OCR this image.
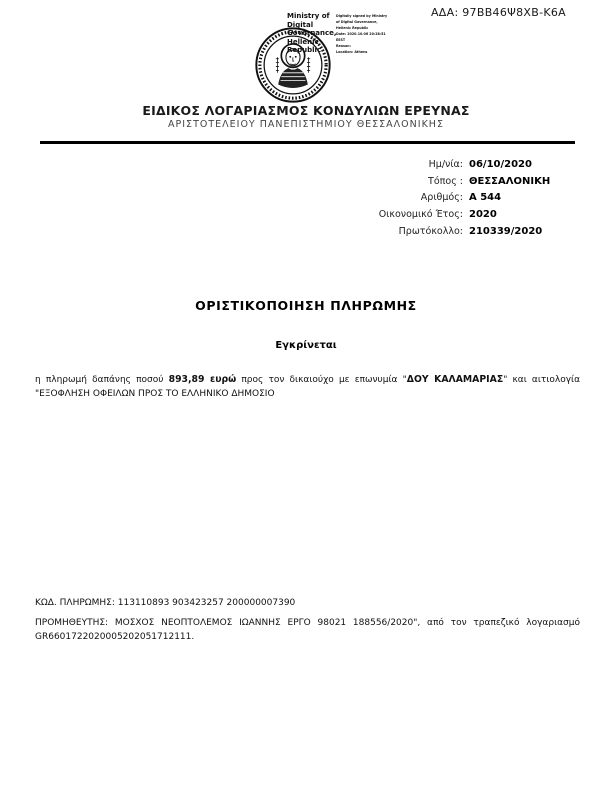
ΑΔΑ: 97ΒΒ46Ψ8ΧΒ-Κ6Α
Ministry of Digital
Governance,
Hellenic Republic
Digitally signed by Ministry
of Digital Governance,
Hellenic Republic
Date: 2020.10.06 20:28:51
EEST
Reason:
Location: Athens
ΕΙΔΙΚΟΣ ΛΟΓΑΡΙΑΣΜΟΣ ΚΟΝΔΥΛΙΩΝ ΕΡΕΥΝΑΣ
ΑΡΙΣΤΟΤΕΛΕΙΟΥ ΠΑΝΕΠΙΣΤΗΜΙΟΥ ΘΕΣΣΑΛΟΝΙΚΗΣ
Ημ/νία: 06/10/2020
Τόπος : ΘΕΣΣΑΛΟΝΙΚΗ
Αριθμός: Α 544
Οικονομικό Έτος: 2020
Πρωτόκολλο: 210339/2020
ΟΡΙΣΤΙΚΟΠΟΙΗΣΗ ΠΛΗΡΩΜΗΣ
Εγκρίνεται
η πληρωμή δαπάνης ποσού 893,89 ευρώ προς τον δικαιούχο με επωνυμία "ΔΟΥ ΚΑΛΑΜΑΡΙΑΣ" και αιτιολογία "ΕΞΟΦΛΗΣΗ ΟΦΕΙΛΩΝ ΠΡΟΣ ΤΟ ΕΛΛΗΝΙΚΟ ΔΗΜΟΣΙΟ
ΚΩΔ. ΠΛΗΡΩΜΗΣ: 113110893 903423257 200000007390
ΠΡΟΜΗΘΕΥΤΗΣ: ΜΟΣΧΟΣ ΝΕΟΠΤΟΛΕΜΟΣ ΙΩΑΝΝΗΣ ΕΡΓΟ 98021 188556/2020", από τον τραπεζικό λογαριασμό GR6601722020005202051712111.
